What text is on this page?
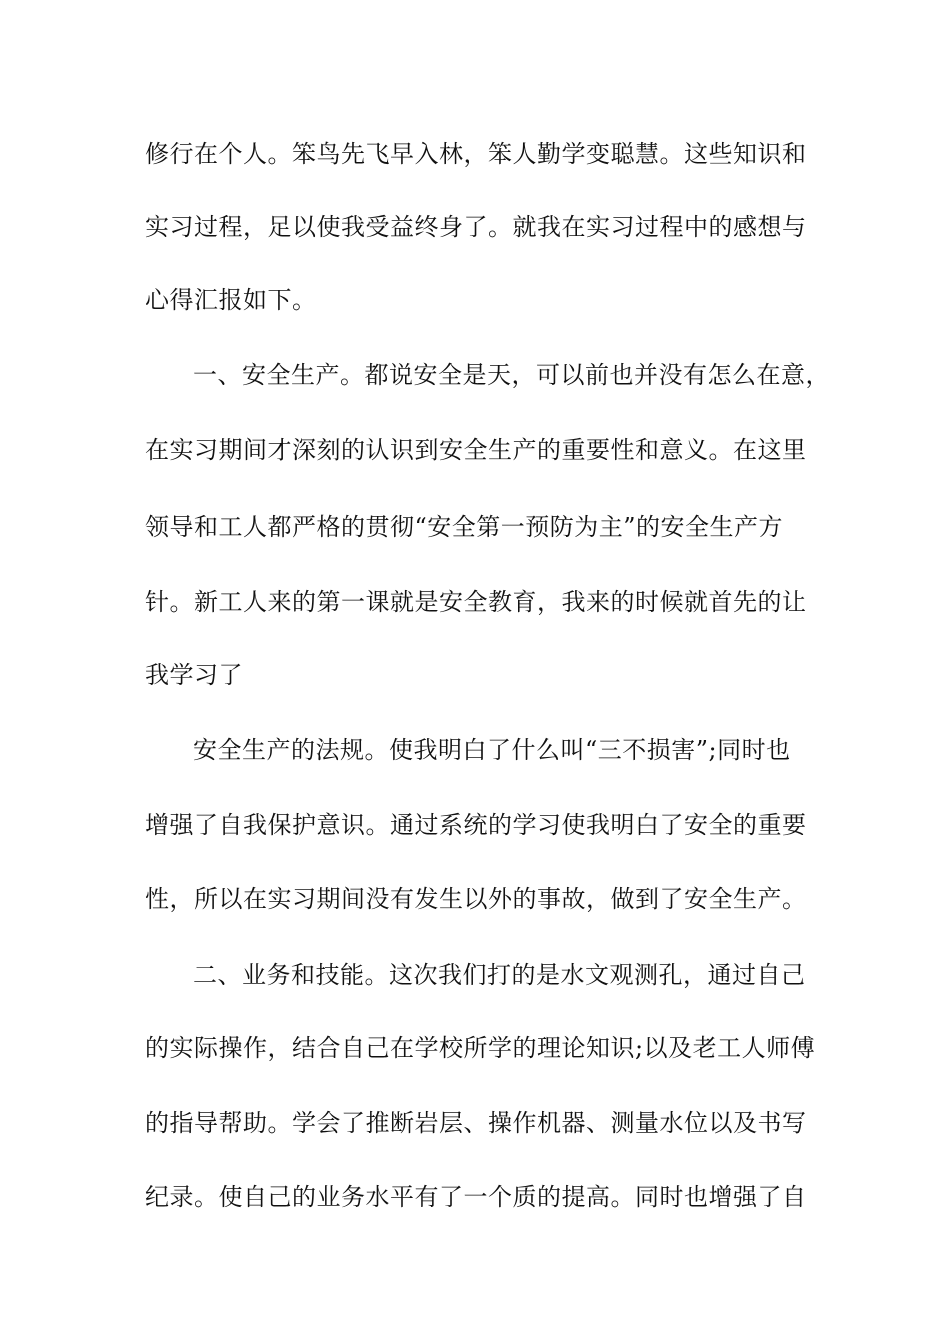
修行在个人。笨鸟先飞早入林，笨人勤学变聪慧。这些知识和
实习过程，足以使我受益终身了。就我在实习过程中的感想与
心得汇报如下。
一、安全生产。都说安全是天，可以前也并没有怎么在意，
在实习期间才深刻的认识到安全生产的重要性和意义。在这里
领导和工人都严格的贯彻“安全第一预防为主”的安全生产方
针。新工人来的第一课就是安全教育，我来的时候就首先的让
我学习了
安全生产的法规。使我明白了什么叫“三不损害”;同时也
增强了自我保护意识。通过系统的学习使我明白了安全的重要
性，所以在实习期间没有发生以外的事故，做到了安全生产。
二、业务和技能。这次我们打的是水文观测孔，通过自己
的实际操作，结合自己在学校所学的理论知识;以及老工人师傅
的指导帮助。学会了推断岩层、操作机器、测量水位以及书写
纪录。使自己的业务水平有了一个质的提高。同时也增强了自
